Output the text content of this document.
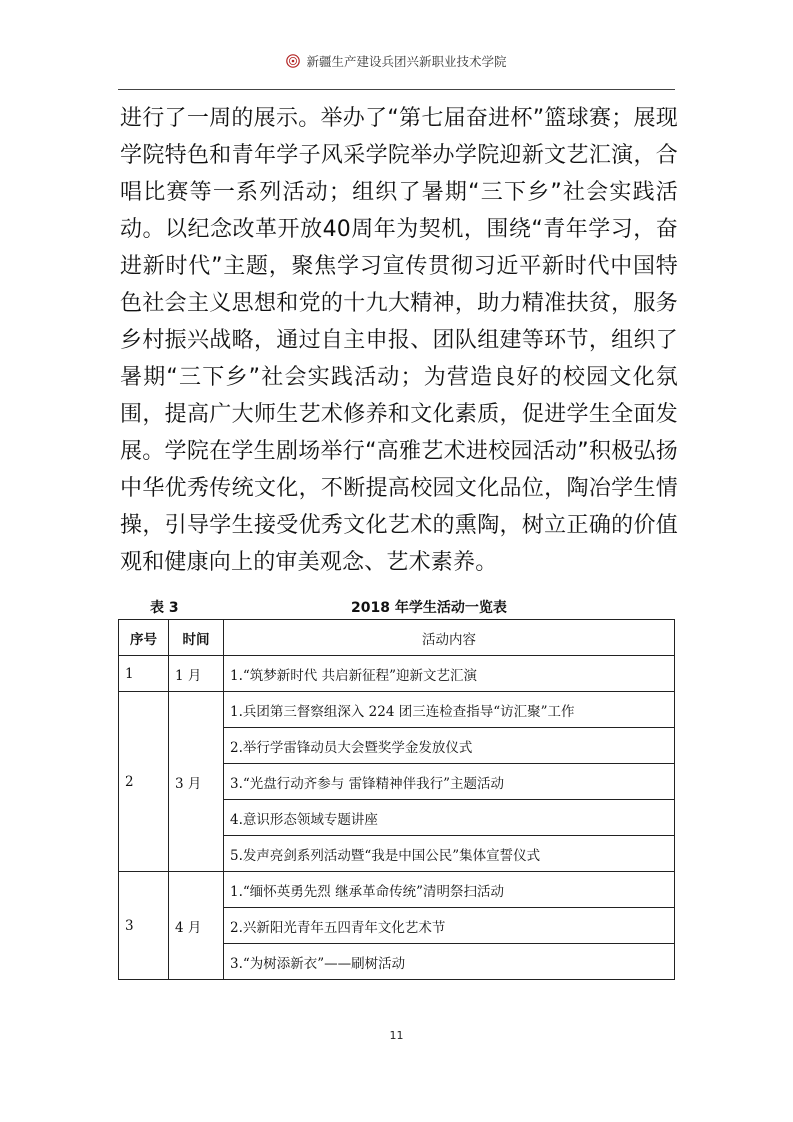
新疆生产建设兵团兴新职业技术学院

进行了一周的展示。举办了“第七届奋进杯”篮球赛；展现学院特色和青年学子风采学院举办学院迎新文艺汇演，合唱比赛等一系列活动；组织了暑期“三下乡”社会实践活动。以纪念改革开放40周年为契机，围绕“青年学习，奋进新时代”主题，聚焦学习宣传贯彻习近平新时代中国特色社会主义思想和党的十九大精神，助力精准扶贫，服务乡村振兴战略，通过自主申报、团队组建等环节，组织了暑期“三下乡”社会实践活动；为营造良好的校园文化氛围，提高广大师生艺术修养和文化素质，促进学生全面发展。学院在学生剧场举行“高雅艺术进校园活动”积极弘扬中华优秀传统文化，不断提高校园文化品位，陶冶学生情操，引导学生接受优秀文化艺术的熏陶，树立正确的价值观和健康向上的审美观念、艺术素养。

表 3	2018 年学生活动一览表
序号	时间	活动内容
1	1 月	1.“筑梦新时代 共启新征程”迎新文艺汇演
2	3 月	1.兵团第三督察组深入 224 团三连检查指导“访汇聚”工作
		2.举行学雷锋动员大会暨奖学金发放仪式
		3.“光盘行动齐参与 雷锋精神伴我行”主题活动
		4.意识形态领域专题讲座
		5.发声亮剑系列活动暨“我是中国公民”集体宣誓仪式
3	4 月	1.“缅怀英勇先烈 继承革命传统”清明祭扫活动
		2.兴新阳光青年五四青年文化艺术节
		3.“为树添新衣”——刷树活动
11
